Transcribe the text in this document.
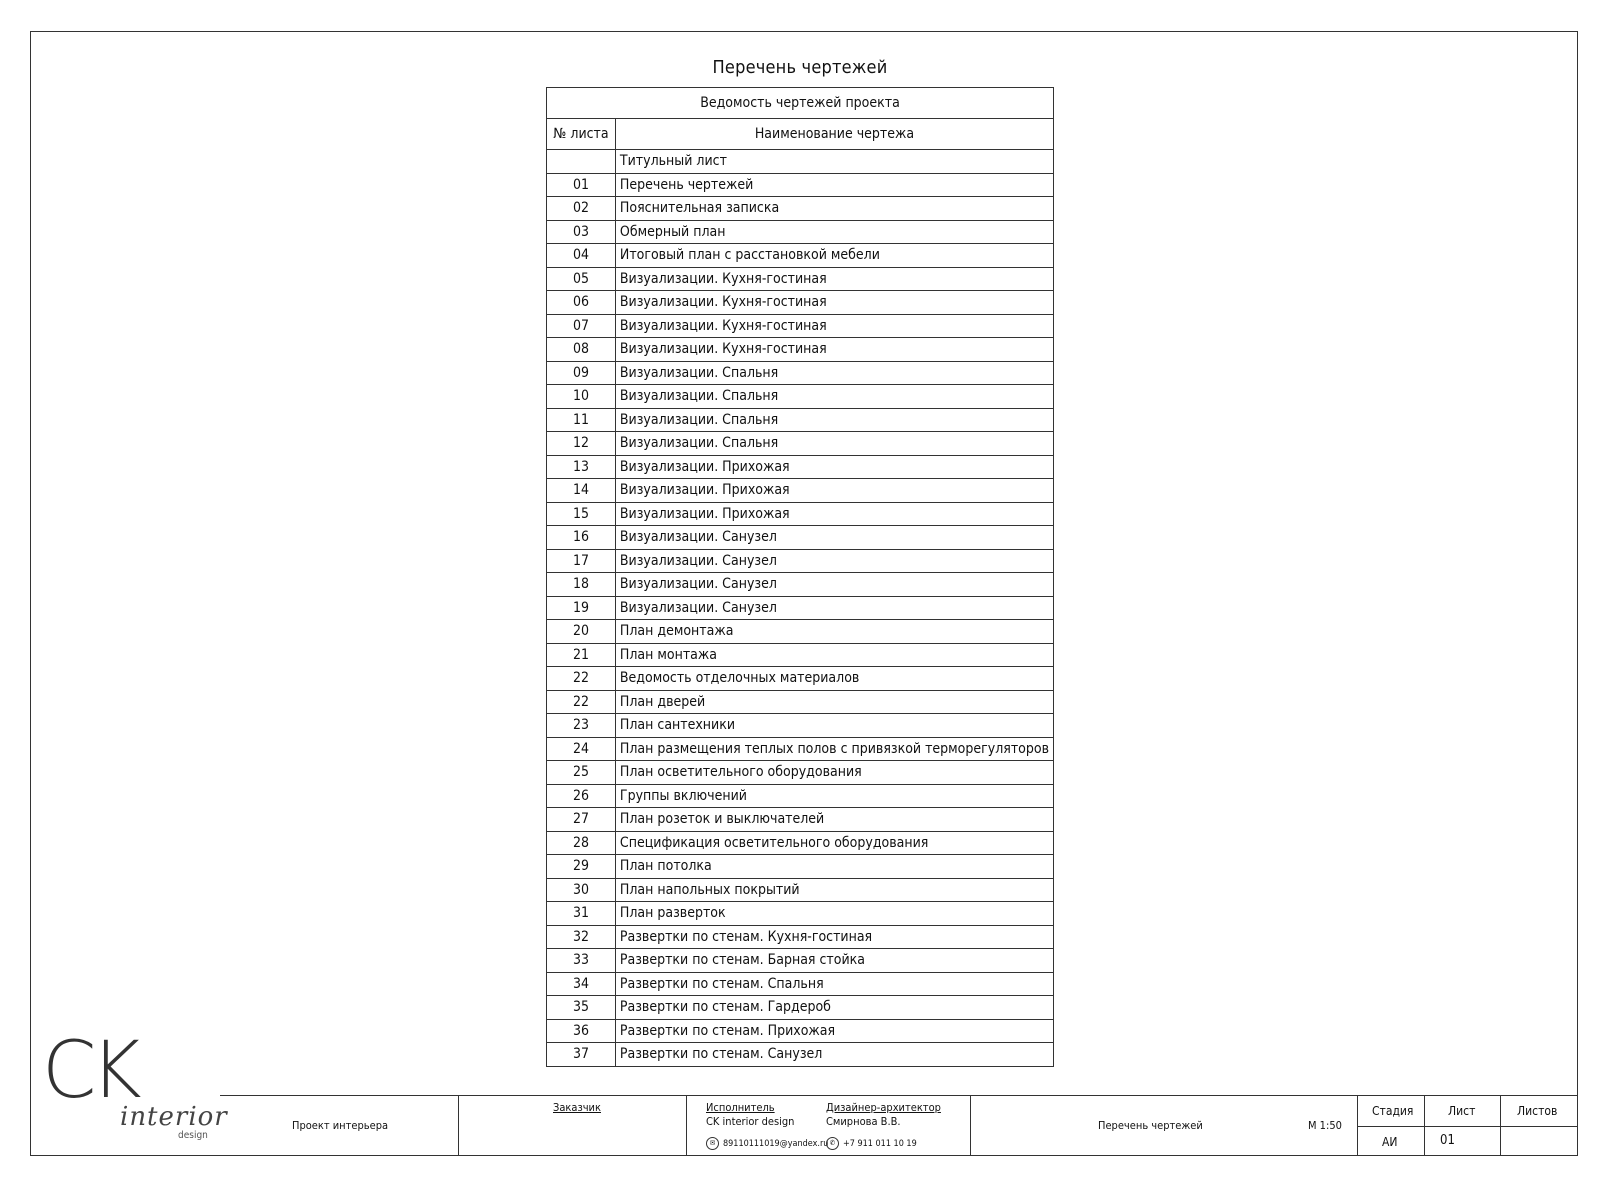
Перечень чертежей
Ведомость чертежей проекта	
№ листа	Наименование чертежа
	Титульный лист
01	Перечень чертежей
02	Пояснительная записка
03	Обмерный план
04	Итоговый план с расстановкой мебели
05	Визуализации. Кухня-гостиная
06	Визуализации. Кухня-гостиная
07	Визуализации. Кухня-гостиная
08	Визуализации. Кухня-гостиная
09	Визуализации. Спальня
10	Визуализации. Спальня
11	Визуализации. Спальня
12	Визуализации. Спальня
13	Визуализации. Прихожая
14	Визуализации. Прихожая
15	Визуализации. Прихожая
16	Визуализации. Санузел
17	Визуализации. Санузел
18	Визуализации. Санузел
19	Визуализации. Санузел
20	План демонтажа
21	План монтажа
22	Ведомость отделочных материалов
22	План дверей
23	План сантехники
24	План размещения теплых полов с привязкой терморегуляторов
25	План осветительного оборудования
26	Группы включений
27	План розеток и выключателей
28	Спецификация осветительного оборудования
29	План потолка
30	План напольных покрытий
31	План разверток
32	Развертки по стенам. Кухня-гостиная
33	Развертки по стенам. Барная стойка
34	Развертки по стенам. Спальня
35	Развертки по стенам. Гардероб
36	Развертки по стенам. Прихожая
37	Развертки по стенам. Санузел
CK
interior
design
Проект интерьера
Заказчик	Исполнитель
CK interior design
✉ 89110111019@yandex.ru
Дизайнер-архитектор
Смирнова В.В.
✆ +7 911 011 10 19
Перечень чертежей	М 1:50
Стадия
АИ
Лист
01
Листов
